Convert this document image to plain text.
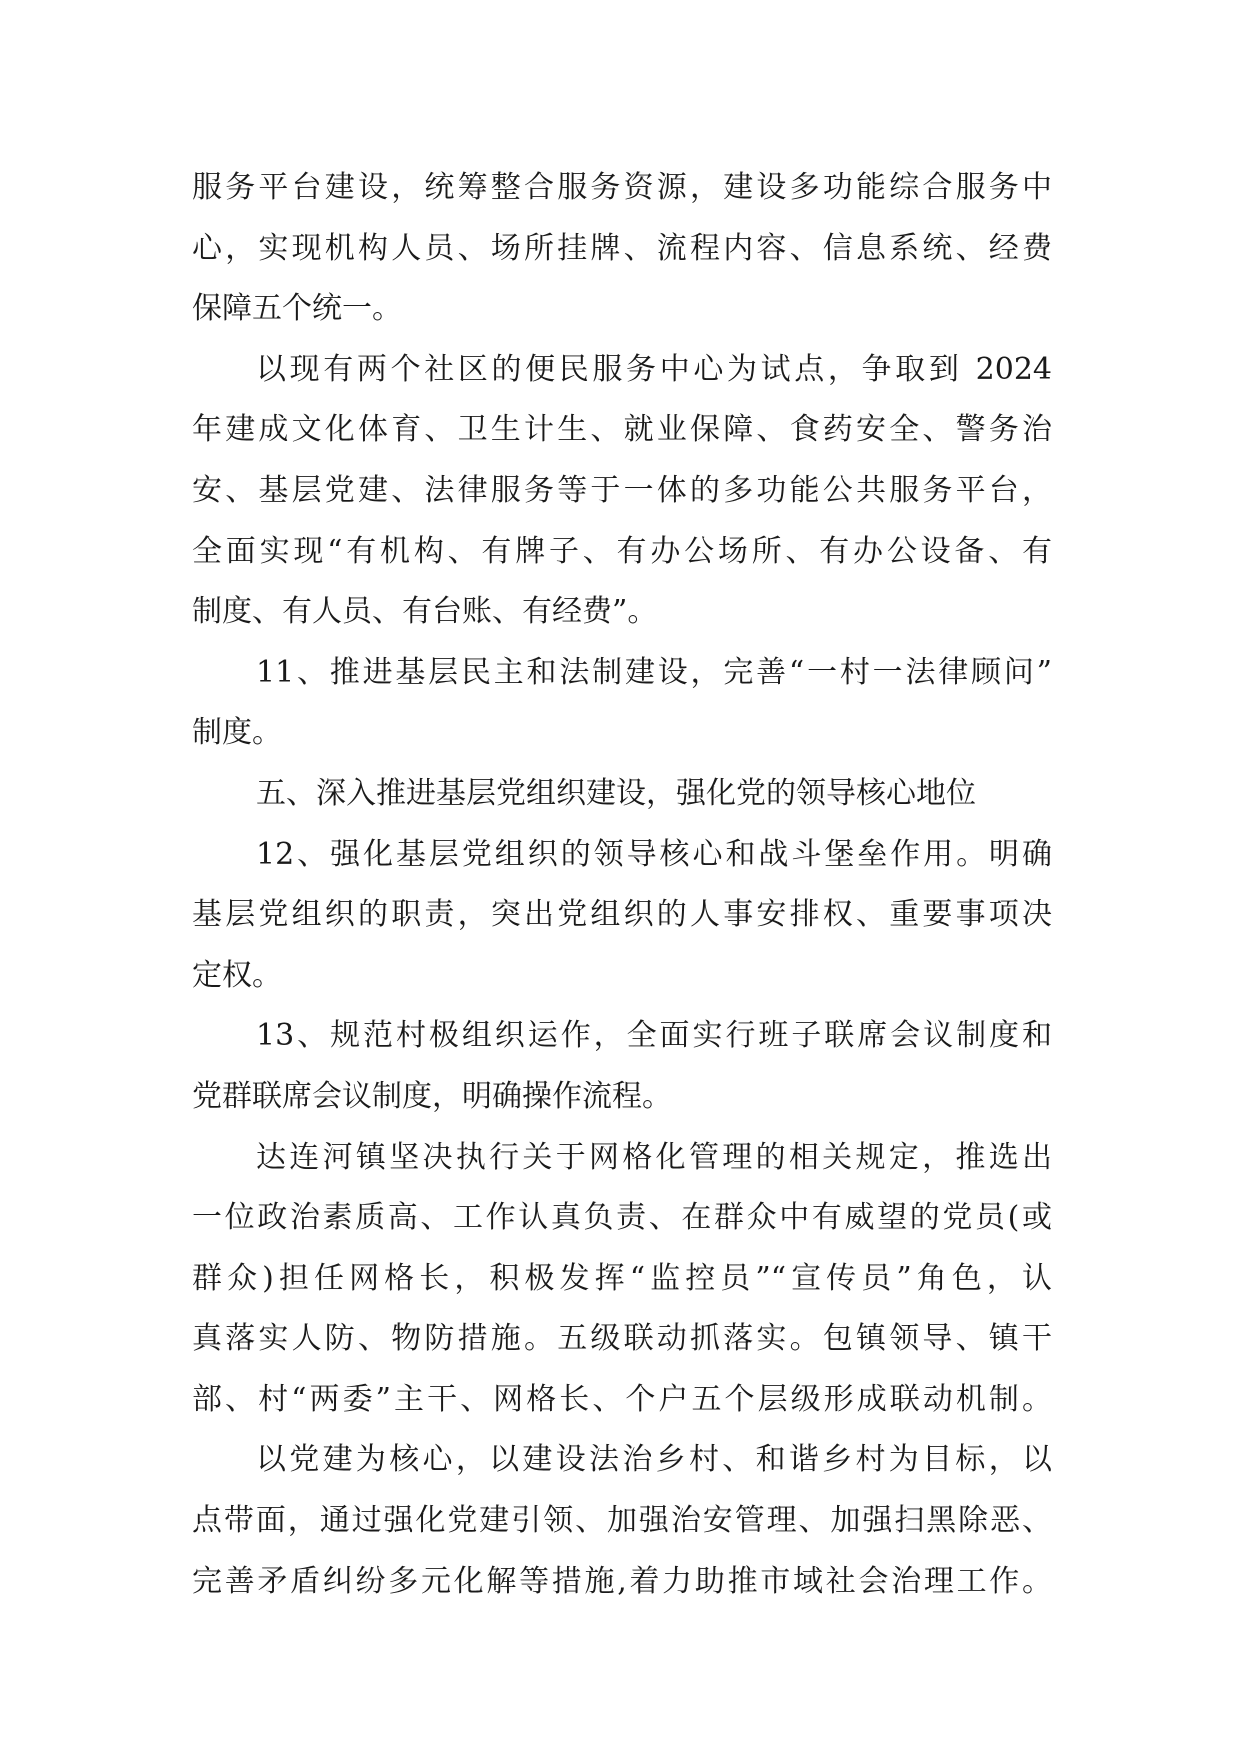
服务平台建设，统筹整合服务资源，建设多功能综合服务中
心，实现机构人员、场所挂牌、流程内容、信息系统、经费
保障五个统一。
以现有两个社区的便民服务中心为试点，争取到 2024
年建成文化体育、卫生计生、就业保障、食药安全、警务治
安、基层党建、法律服务等于一体的多功能公共服务平台，
全面实现“有机构、有牌子、有办公场所、有办公设备、有
制度、有人员、有台账、有经费”。
11、推进基层民主和法制建设，完善“一村一法律顾问”
制度。
五、深入推进基层党组织建设，强化党的领导核心地位
12、强化基层党组织的领导核心和战斗堡垒作用。明确
基层党组织的职责，突出党组织的人事安排权、重要事项决
定权。
13、规范村极组织运作，全面实行班子联席会议制度和
党群联席会议制度，明确操作流程。
达连河镇坚决执行关于网格化管理的相关规定，推选出
一位政治素质高、工作认真负责、在群众中有威望的党员(或
群众)担任网格长，积极发挥“监控员”“宣传员”角色，认
真落实人防、物防措施。五级联动抓落实。包镇领导、镇干
部、村“两委”主干、网格长、个户五个层级形成联动机制。
以党建为核心，以建设法治乡村、和谐乡村为目标，以
点带面，通过强化党建引领、加强治安管理、加强扫黑除恶、
完善矛盾纠纷多元化解等措施,着力助推市域社会治理工作。
